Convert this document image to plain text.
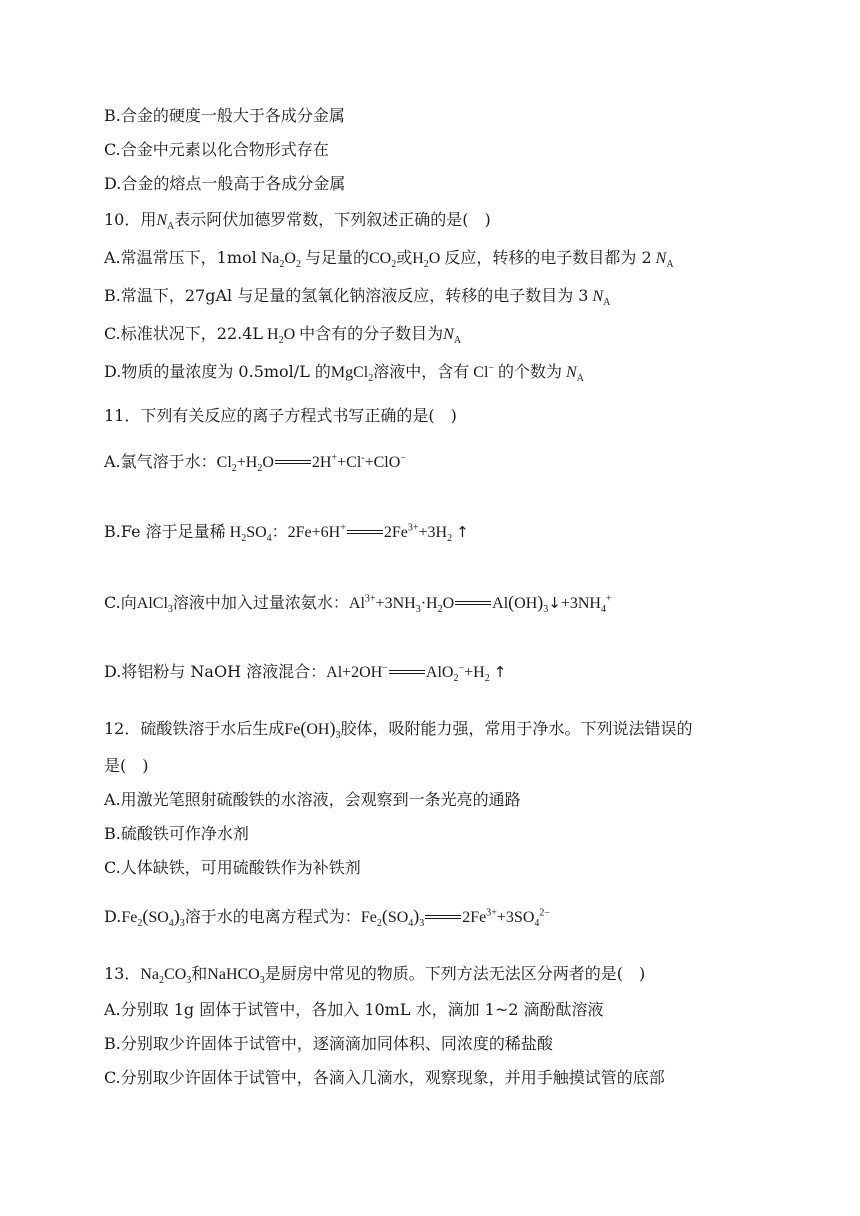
B.合金的硬度一般大于各成分金属
C.合金中元素以化合物形式存在
D.合金的熔点一般高于各成分金属
10．用$N_A$表示阿伏加德罗常数，下列叙述正确的是(　)
A.常温常压下，1mol $Na_2O_2$ 与足量的$CO_2$或$H_2O$ 反应，转移的电子数目都为 2 $N_A$
B.常温下，27gAl 与足量的氢氧化钠溶液反应，转移的电子数目为 3 $N_A$
C.标准状况下，22.4L $H_2O$ 中含有的分子数目为$N_A$
D.物质的量浓度为 0.5mol/L 的MgCl$_2$溶液中，含有 Cl− 的个数为 $N_A$
11．下列有关反应的离子方程式书写正确的是(　)
A.氯气溶于水：$Cl_2+H_2O$ 2H++Cl-+ClO−
B.Fe 溶于足量稀 $H_2SO_4$：2Fe+6H+ $2Fe^{3+}+3H_2$ ↑
C.向AlCl$_3$溶液中加入过量浓氨水：$Al^{3+}+3NH_3\cdot H_2O$ $Al(OH)_3↓+3NH_4^+$
D.将铝粉与 NaOH 溶液混合：Al+2OH− $AlO_2^-+H_2$ ↑
12．硫酸铁溶于水后生成$Fe(OH)_3$胶体，吸附能力强，常用于净水。下列说法错误的
是(　)
A.用激光笔照射硫酸铁的水溶液，会观察到一条光亮的通路
B.硫酸铁可作净水剂
C.人体缺铁，可用硫酸铁作为补铁剂
$D.Fe_2(SO_4)_3$溶于水的电离方程式为：$Fe_2(SO_4)_3$ $2Fe^{3+}+3SO_4^{2-}$
13．$Na_2CO_3$和NaHCO$_3$是厨房中常见的物质。下列方法无法区分两者的是(　)
A.分别取 1g 固体于试管中，各加入 10mL 水，滴加 1~2 滴酚酞溶液
B.分别取少许固体于试管中，逐滴滴加同体积、同浓度的稀盐酸
C.分别取少许固体于试管中，各滴入几滴水，观察现象，并用手触摸试管的底部
